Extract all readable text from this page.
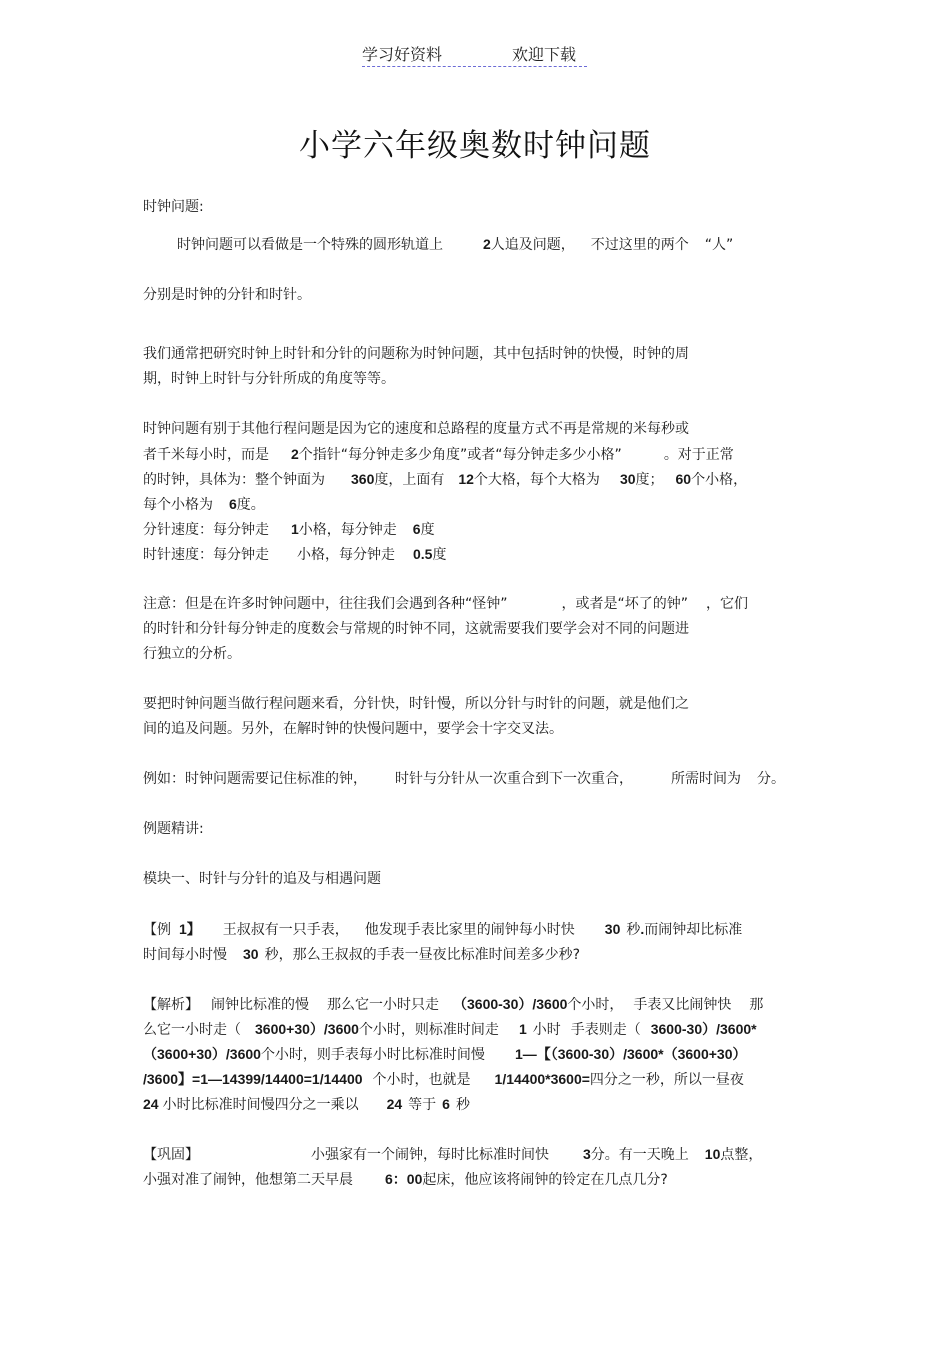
学习好资料	欢迎下载
小学六年级奥数时钟问题
时钟问题:
时钟问题可以看做是一个特殊的圆形轨道上	2人追及问题， 不过这里的两个 “人”
分别是时钟的分针和时针。
我们通常把研究时钟上时针和分针的问题称为时钟问题，其中包括时钟的快慢，时钟的周
期，时钟上时针与分针所成的角度等等。
时钟问题有别于其他行程问题是因为它的速度和总路程的度量方式不再是常规的米每秒或
者千米每小时，而是 2个指针“每分钟走多少角度”或者“每分钟走多少小格”	。对于正常
的时钟，具体为：整个钟面为 360度，上面有 12个大格，每个大格为 30度； 60个小格，
每个小格为 6度。
分针速度：每分钟走 1小格，每分钟走 6度
时针速度：每分钟走 小格，每分钟走 0.5度
注意：但是在许多时钟问题中，往往我们会遇到各种“怪钟”	，或者是“坏了的钟” ，它们
的时针和分针每分钟走的度数会与常规的时钟不同，这就需要我们要学会对不同的问题进
行独立的分析。
要把时钟问题当做行程问题来看，分针快，时针慢，所以分针与时针的问题，就是他们之
间的追及问题。另外，在解时钟的快慢问题中，要学会十字交叉法。
例如：时钟问题需要记住标准的钟， 时针与分针从一次重合到下一次重合，	所需时间为 分。
例题精讲:
模块一、时针与分针的追及与相遇问题
【例 1】 王叔叔有一只手表， 他发现手表比家里的闹钟每小时快 30 秒.而闹钟却比标准
时间每小时慢 30 秒，那么王叔叔的手表一昼夜比标准时间差多少秒?
【解析】 闹钟比标准的慢 那么它一小时只走 （3600-30）/3600个小时， 手表又比闹钟快 那
么它一小时走（ 3600+30）/3600个小时，则标准时间走 1 小时 手表则走（ 3600-30）/3600*
（3600+30）/3600个小时，则手表每小时比标准时间慢 1—【（3600-30）/3600*（3600+30）
/3600】=1—14399/14400=1/14400 个小时，也就是 1/14400*3600=四分之一秒，所以一昼夜
24 小时比标准时间慢四分之一乘以 24 等于 6 秒
【巩固】	小强家有一个闹钟，每时比标准时间快 3分。有一天晚上 10点整，
小强对准了闹钟，他想第二天早晨 6：00起床，他应该将闹钟的铃定在几点几分?
